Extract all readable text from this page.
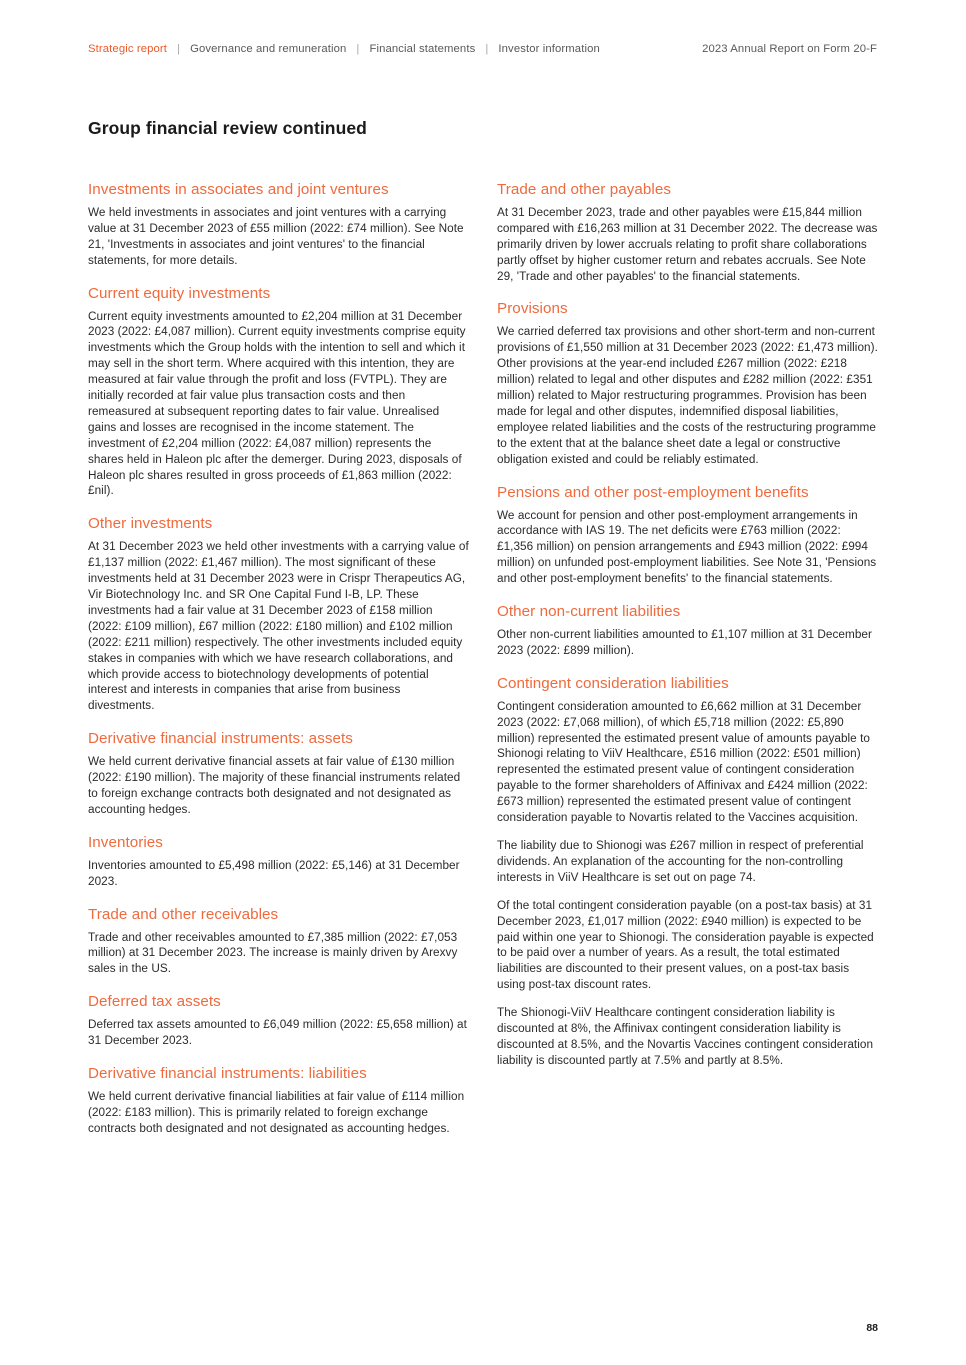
Strategic report | Governance and remuneration | Financial statements | Investor information	2023 Annual Report on Form 20-F
Group financial review continued
Investments in associates and joint ventures

We held investments in associates and joint ventures with a carrying value at 31 December 2023 of £55 million (2022: £74 million). See Note 21, 'Investments in associates and joint ventures' to the financial statements, for more details.

Current equity investments

Current equity investments amounted to £2,204 million at 31 December 2023 (2022: £4,087 million). Current equity investments comprise equity investments which the Group holds with the intention to sell and which it may sell in the short term. Where acquired with this intention, they are measured at fair value through the profit and loss (FVTPL). They are initially recorded at fair value plus transaction costs and then remeasured at subsequent reporting dates to fair value. Unrealised gains and losses are recognised in the income statement. The investment of £2,204 million (2022: £4,087 million) represents the shares held in Haleon plc after the demerger. During 2023, disposals of Haleon plc shares resulted in gross proceeds of £1,863 million (2022: £nil).

Other investments

At 31 December 2023 we held other investments with a carrying value of £1,137 million (2022: £1,467 million). The most significant of these investments held at 31 December 2023 were in Crispr Therapeutics AG, Vir Biotechnology Inc. and SR One Capital Fund I-B, LP. These investments had a fair value at 31 December 2023 of £158 million (2022: £109 million), £67 million (2022: £180 million) and £102 million (2022: £211 million) respectively. The other investments included equity stakes in companies with which we have research collaborations, and which provide access to biotechnology developments of potential interest and interests in companies that arise from business divestments.

Derivative financial instruments: assets

We held current derivative financial assets at fair value of £130 million (2022: £190 million). The majority of these financial instruments related to foreign exchange contracts both designated and not designated as accounting hedges.

Inventories

Inventories amounted to £5,498 million (2022: £5,146) at 31 December 2023.

Trade and other receivables

Trade and other receivables amounted to £7,385 million (2022: £7,053 million) at 31 December 2023. The increase is mainly driven by Arexvy sales in the US.

Deferred tax assets

Deferred tax assets amounted to £6,049 million (2022: £5,658 million) at 31 December 2023.

Derivative financial instruments: liabilities

We held current derivative financial liabilities at fair value of £114 million (2022: £183 million). This is primarily related to foreign exchange contracts both designated and not designated as accounting hedges.

Trade and other payables

At 31 December 2023, trade and other payables were £15,844 million compared with £16,263 million at 31 December 2022. The decrease was primarily driven by lower accruals relating to profit share collaborations partly offset by higher customer return and rebates accruals. See Note 29, 'Trade and other payables' to the financial statements.

Provisions

We carried deferred tax provisions and other short-term and non-current provisions of £1,550 million at 31 December 2023 (2022: £1,473 million). Other provisions at the year-end included £267 million (2022: £218 million) related to legal and other disputes and £282 million (2022: £351 million) related to Major restructuring programmes. Provision has been made for legal and other disputes, indemnified disposal liabilities, employee related liabilities and the costs of the restructuring programme to the extent that at the balance sheet date a legal or constructive obligation existed and could be reliably estimated.

Pensions and other post-employment benefits

We account for pension and other post-employment arrangements in accordance with IAS 19. The net deficits were £763 million (2022: £1,356 million) on pension arrangements and £943 million (2022: £994 million) on unfunded post-employment liabilities. See Note 31, 'Pensions and other post-employment benefits' to the financial statements.

Other non-current liabilities

Other non-current liabilities amounted to £1,107 million at 31 December 2023 (2022: £899 million).

Contingent consideration liabilities

Contingent consideration amounted to £6,662 million at 31 December 2023 (2022: £7,068 million), of which £5,718 million (2022: £5,890 million) represented the estimated present value of amounts payable to Shionogi relating to ViiV Healthcare, £516 million (2022: £501 million) represented the estimated present value of contingent consideration payable to the former shareholders of Affinivax and £424 million (2022: £673 million) represented the estimated present value of contingent consideration payable to Novartis related to the Vaccines acquisition.

The liability due to Shionogi was £267 million in respect of preferential dividends. An explanation of the accounting for the non-controlling interests in ViiV Healthcare is set out on page 74.

Of the total contingent consideration payable (on a post-tax basis) at 31 December 2023, £1,017 million (2022: £940 million) is expected to be paid within one year to Shionogi. The consideration payable is expected to be paid over a number of years. As a result, the total estimated liabilities are discounted to their present values, on a post-tax basis using post-tax discount rates.

The Shionogi-ViiV Healthcare contingent consideration liability is discounted at 8%, the Affinivax contingent consideration liability is discounted at 8.5%, and the Novartis Vaccines contingent consideration liability is discounted partly at 7.5% and partly at 8.5%.

88
